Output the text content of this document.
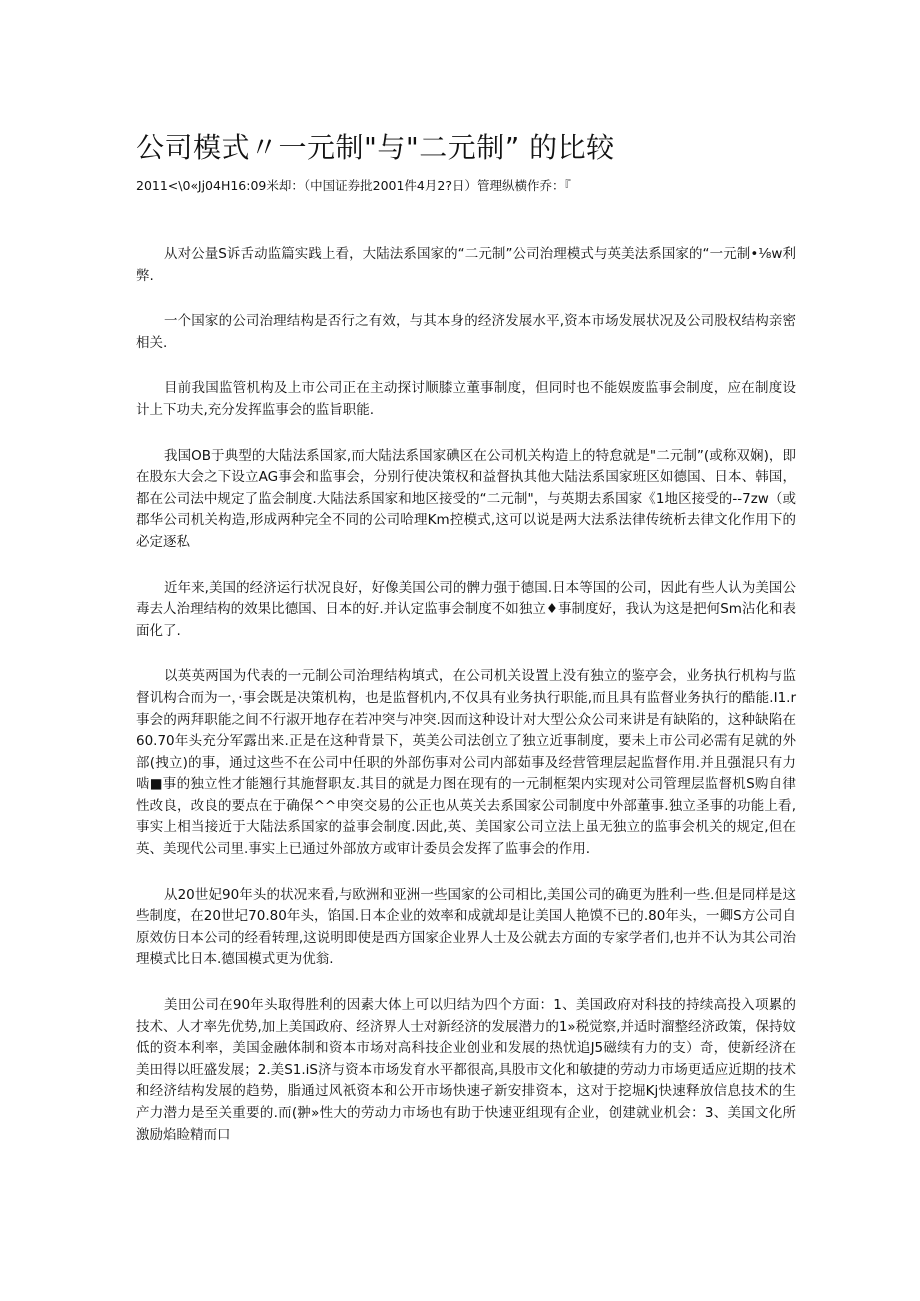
公司模式〃一元制"与"二元制” 的比较
2011<\0«Jj04H16:09米却：（中国证券批2001件4月2?日）管理纵横作乔：『

从对公量S诉舌动监篇实践上看，大陆法系国家的“二元制”公司治理模式与英美法系国家的“一元制•⅛w利弊.

一个国家的公司治理结构是否行之有效，与其本身的经济发展水平,资本市场发展状况及公司股权结构亲密相关.

目前我国监管机构及上市公司正在主动探讨顺膝立董事制度，但同时也不能娱废监事会制度，应在制度设计上下功夫,充分发挥监事会的监旨职能.

我国OB于典型的大陆法系国家,而大陆法系国家碘区在公司机关构造上的特怠就是"二元制”(或称双娴)，即在股东大会之下设立AG事会和监事会，分别行使决策权和益督执其他大陆法系国家班区如德国、日本、韩国，都在公司法中规定了监会制度.大陆法系国家和地区接受的“二元制"，与英期去系国家《1地区接受的--7zw（或郡华公司机关构造,形成两种完全不同的公司哈理Km控模式,这可以说是两大法系法律传统析去律文化作用下的必定逐私

近年来,美国的经济运行状况良好，好像美国公司的髀力强于德国.日本等国的公司，因此有些人认为美国公毒去人治理结构的效果比德国、日本的好.并认定监事会制度不如独立♦事制度好，我认为这是把何Sm沾化和表面化了.

以英英两国为代表的一元制公司治理结构填式，在公司机关设置上没有独立的鉴亭会，业务执行机构与监督讥构合而为一，·事会既是决策机构，也是监督机内,不仅具有业务执行职能,而且具有监督业务执行的酷能.I1.r事会的两拜职能之间不行淑开地存在若冲突与冲突.因而这种设计对大型公众公司来讲是有缺陷的，这种缺陷在60.70年头充分军露出来.正是在这种背景下，英美公司法创立了独立近事制度，要未上市公司必需有足就的外部(拽立)的事，通过这些不在公司中任职的外部伤事对公司内部茹事及经营管理层起监督作用.并且强混只有力啮■事的独立性才能翘行其施督职友.其目的就是力图在现有的一元制框架内实现对公司管理层监督机S购自律性改良，改良的要点在于确保^^申突交易的公正也从英关去系国家公司制度中外部董事.独立圣事的功能上看,事实上相当接近于大陆法系国家的益事会制度.因此,英、美国家公司立法上虽无独立的监事会机关的规定,但在英、美现代公司里.事实上已通过外部放方或审计委员会发挥了监事会的作用.

从20世妃90年头的状况来看,与欧洲和亚洲一些国家的公司相比,美国公司的确更为胜利一些.但是同样是这些制度，在20世圮70.80年头，馅国.日本企业的效率和成就却是让美国人艳馍不已的.80年头，一卿S方公司自原效仿日本公司的经看转理,这说明即使是西方国家企业界人士及公就去方面的专家学者们,也并不认为其公司治理模式比日本.德国模式更为优翁.

美田公司在90年头取得胜利的因素大体上可以归结为四个方面：1、美国政府对科技的持续高投入项累的技术、人才率先优势,加上美国政府、经济界人士对新经济的发展潜力的1»税觉察,并适时溜整经济政策，保持妏低的资本利率，美国金融体制和资本市场对高科技企业创业和发展的热忧追J5磁续有力的支）奇，使新经济在美田得以旺盛发展；2.美S1.iS济与资本市场发育水平都很高,具股市文化和敏捷的劳动力市场更适应近期的技术和经济结构发展的趋势，脂通过风祇资本和公开市场快速孑新安排资本，这对于挖堀Kj快速释放信息技术的生产力潜力是至关重要的.而(翀»性大的劳动力市场也有助于快速亚组现有企业，创建就业机会：3、美国文化所激励焰睑精而口
